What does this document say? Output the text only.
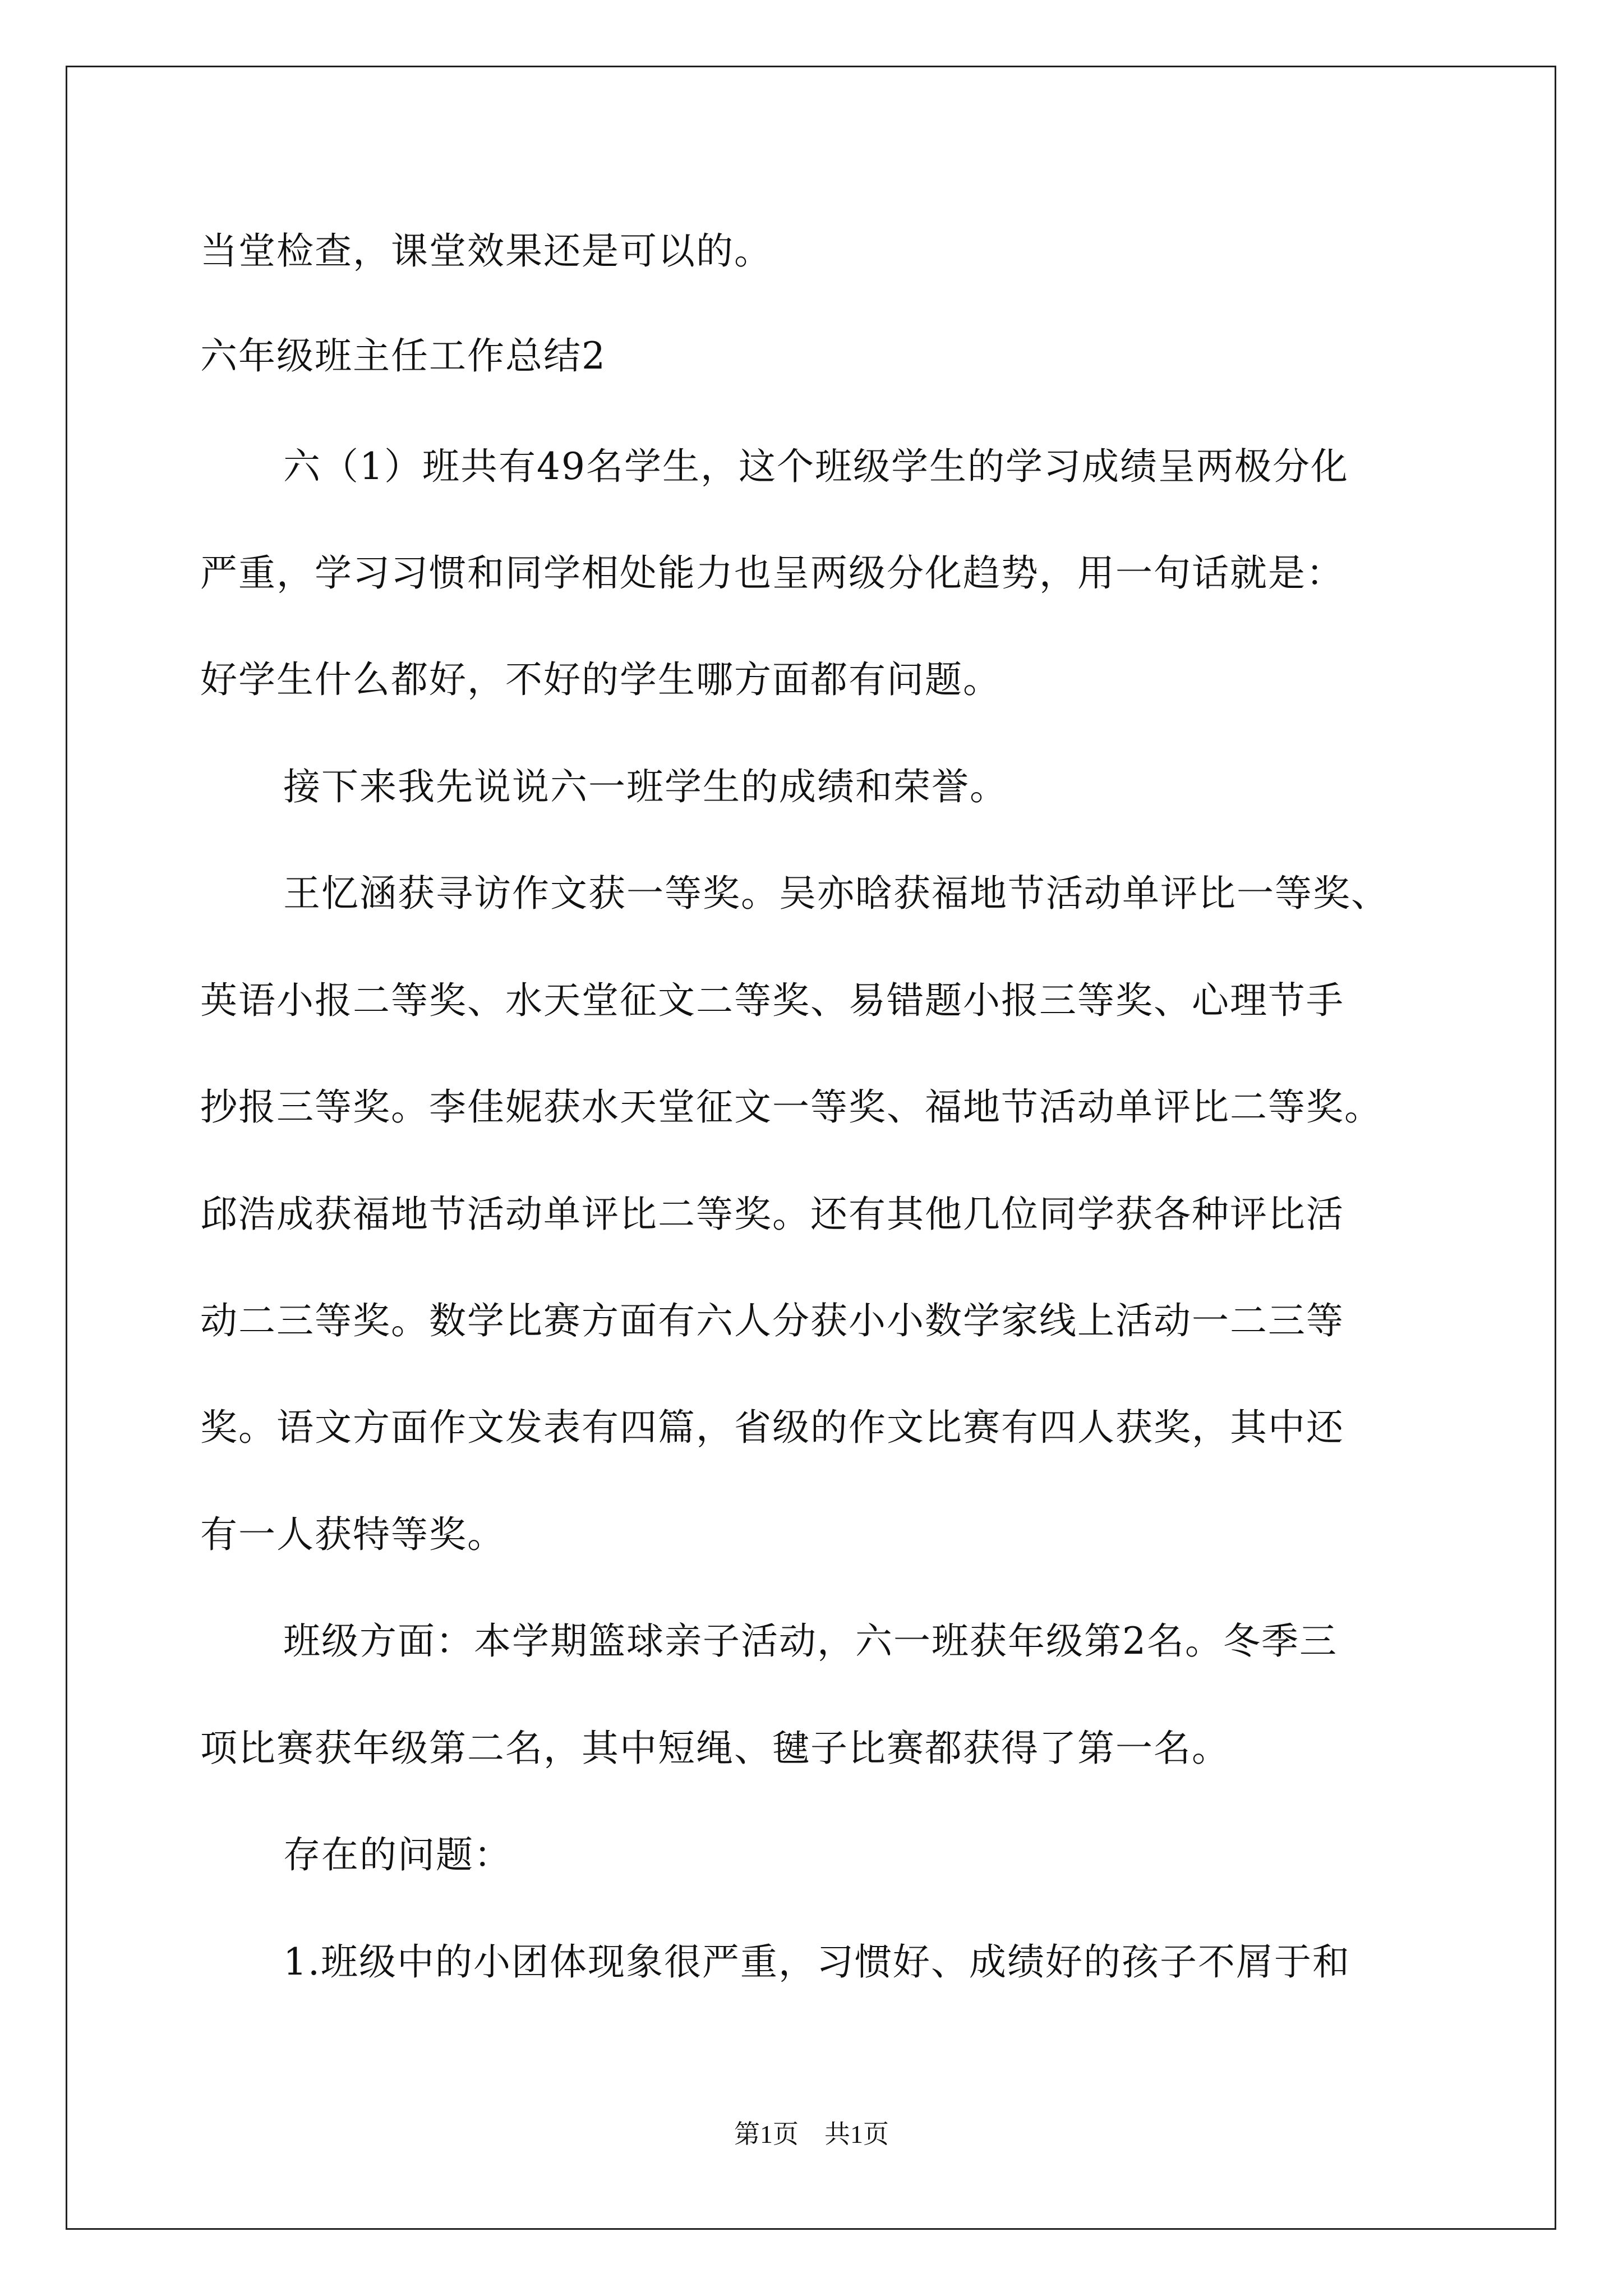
当堂检查，课堂效果还是可以的。
六年级班主任工作总结2
六（1）班共有49名学生，这个班级学生的学习成绩呈两极分化
严重，学习习惯和同学相处能力也呈两级分化趋势，用一句话就是：
好学生什么都好，不好的学生哪方面都有问题。
接下来我先说说六一班学生的成绩和荣誉。
王忆涵获寻访作文获一等奖。吴亦晗获福地节活动单评比一等奖、
英语小报二等奖、水天堂征文二等奖、易错题小报三等奖、心理节手
抄报三等奖。李佳妮获水天堂征文一等奖、福地节活动单评比二等奖。
邱浩成获福地节活动单评比二等奖。还有其他几位同学获各种评比活
动二三等奖。数学比赛方面有六人分获小小数学家线上活动一二三等
奖。语文方面作文发表有四篇，省级的作文比赛有四人获奖，其中还
有一人获特等奖。
班级方面：本学期篮球亲子活动，六一班获年级第2名。冬季三
项比赛获年级第二名，其中短绳、毽子比赛都获得了第一名。
存在的问题：
1.班级中的小团体现象很严重，习惯好、成绩好的孩子不屑于和
第1页　共1页
